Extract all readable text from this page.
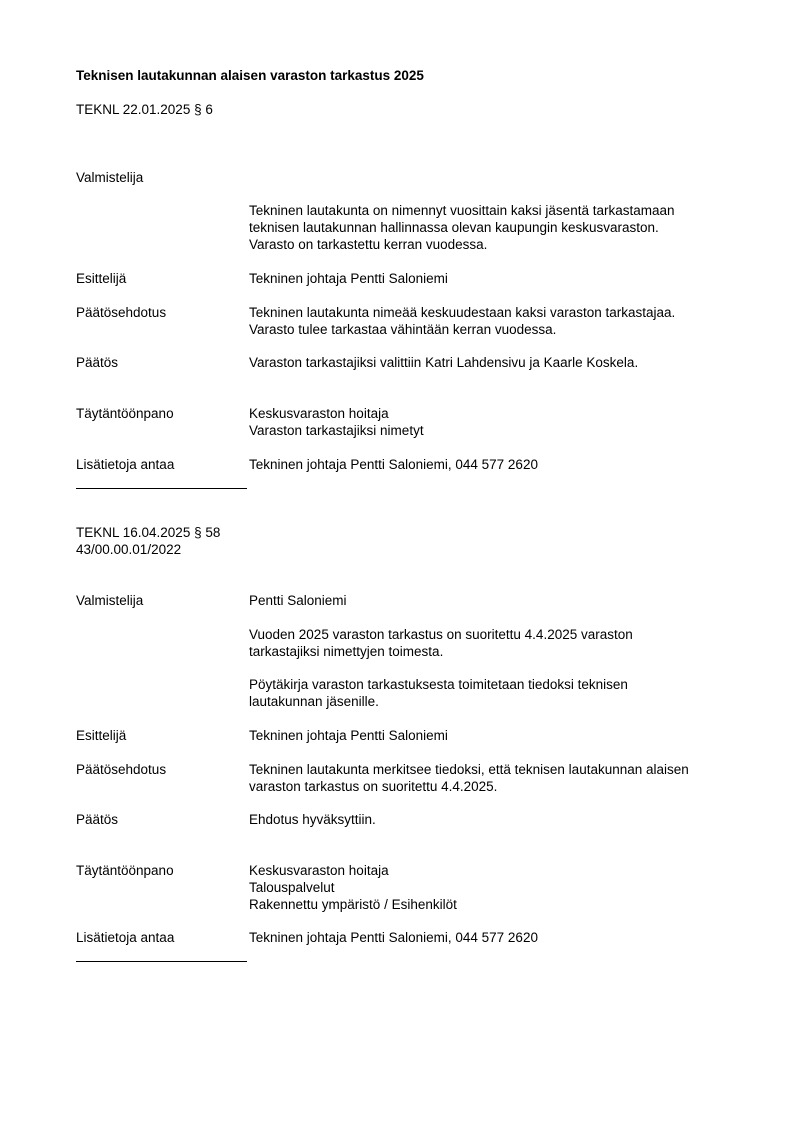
Teknisen lautakunnan alaisen varaston tarkastus 2025
TEKNL 22.01.2025 § 6
Valmistelija
Tekninen lautakunta on nimennyt vuosittain kaksi jäsentä tarkastamaan
teknisen lautakunnan hallinnassa olevan kaupungin keskusvaraston.
Varasto on tarkastettu kerran vuodessa.
Esittelijä	Tekninen johtaja Pentti Saloniemi
Päätösehdotus	Tekninen lautakunta nimeää keskuudestaan kaksi varaston tarkastajaa.
Varasto tulee tarkastaa vähintään kerran vuodessa.
Päätös	Varaston tarkastajiksi valittiin Katri Lahdensivu ja Kaarle Koskela.
Täytäntöönpano	Keskusvaraston hoitaja
Varaston tarkastajiksi nimetyt
Lisätietoja antaa	Tekninen johtaja Pentti Saloniemi, 044 577 2620
TEKNL 16.04.2025 § 58
43/00.00.01/2022
Valmistelija	Pentti Saloniemi
Vuoden 2025 varaston tarkastus on suoritettu 4.4.2025 varaston
tarkastajiksi nimettyjen toimesta.
Pöytäkirja varaston tarkastuksesta toimitetaan tiedoksi teknisen
lautakunnan jäsenille.
Esittelijä	Tekninen johtaja Pentti Saloniemi
Päätösehdotus	Tekninen lautakunta merkitsee tiedoksi, että teknisen lautakunnan alaisen
varaston tarkastus on suoritettu 4.4.2025.
Päätös	Ehdotus hyväksyttiin.
Täytäntöönpano	Keskusvaraston hoitaja
Talouspalvelut
Rakennettu ympäristö / Esihenkilöt
Lisätietoja antaa	Tekninen johtaja Pentti Saloniemi, 044 577 2620
